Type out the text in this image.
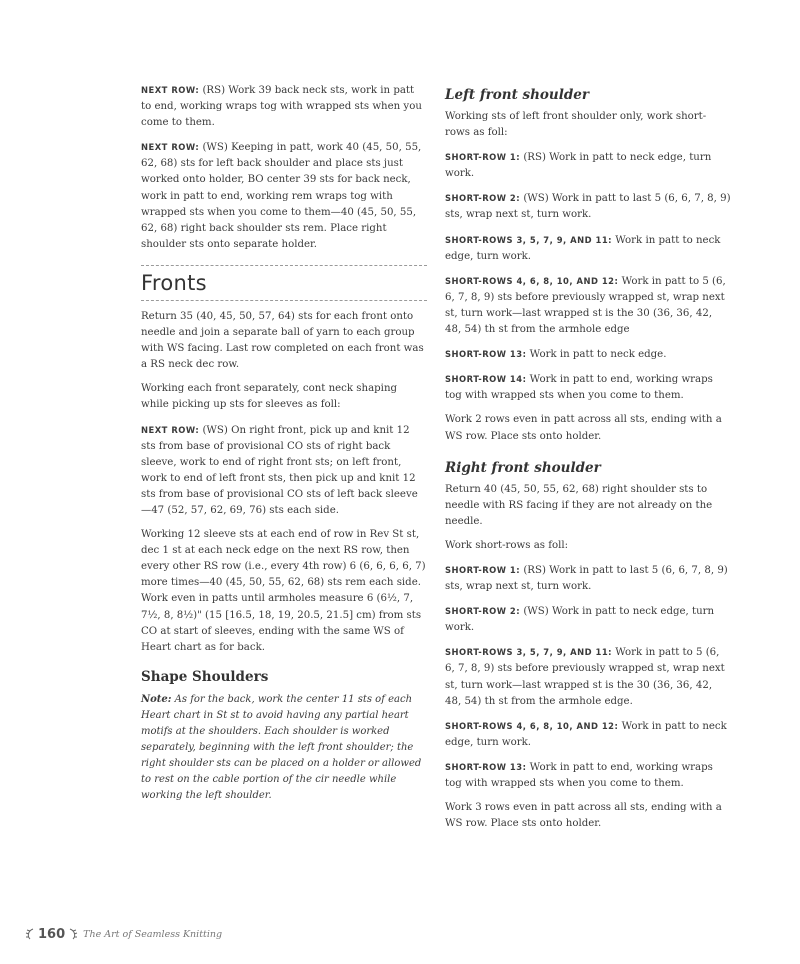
NEXT ROW: (RS) Work 39 back neck sts, work in patt to end, working wraps tog with wrapped sts when you come to them.

NEXT ROW: (WS) Keeping in patt, work 40 (45, 50, 55, 62, 68) sts for left back shoulder and place sts just worked onto holder, BO center 39 sts for back neck, work in patt to end, working rem wraps tog with wrapped sts when you come to them—40 (45, 50, 55, 62, 68) right back shoulder sts rem. Place right shoulder sts onto separate holder.

Fronts

Return 35 (40, 45, 50, 57, 64) sts for each front onto needle and join a separate ball of yarn to each group with WS facing. Last row completed on each front was a RS neck dec row.

Working each front separately, cont neck shaping while picking up sts for sleeves as foll:

NEXT ROW: (WS) On right front, pick up and knit 12 sts from base of provisional CO sts of right back sleeve, work to end of right front sts; on left front, work to end of left front sts, then pick up and knit 12 sts from base of provisional CO sts of left back sleeve—47 (52, 57, 62, 69, 76) sts each side.

Working 12 sleeve sts at each end of row in Rev St st, dec 1 st at each neck edge on the next RS row, then every other RS row (i.e., every 4th row) 6 (6, 6, 6, 6, 7) more times—40 (45, 50, 55, 62, 68) sts rem each side. Work even in patts until armholes measure 6 (6½, 7, 7½, 8, 8½)" (15 [16.5, 18, 19, 20.5, 21.5] cm) from sts CO at start of sleeves, ending with the same WS of Heart chart as for back.

Shape Shoulders

Note: As for the back, work the center 11 sts of each Heart chart in St st to avoid having any partial heart motifs at the shoulders. Each shoulder is worked separately, beginning with the left front shoulder; the right shoulder sts can be placed on a holder or allowed to rest on the cable portion of the cir needle while working the left shoulder.

Left front shoulder

Working sts of left front shoulder only, work short-rows as foll:

SHORT-ROW 1: (RS) Work in patt to neck edge, turn work.

SHORT-ROW 2: (WS) Work in patt to last 5 (6, 6, 7, 8, 9) sts, wrap next st, turn work.

SHORT-ROWS 3, 5, 7, 9, AND 11: Work in patt to neck edge, turn work.

SHORT-ROWS 4, 6, 8, 10, AND 12: Work in patt to 5 (6, 6, 7, 8, 9) sts before previously wrapped st, wrap next st, turn work—last wrapped st is the 30 (36, 36, 42, 48, 54) th st from the armhole edge

SHORT-ROW 13: Work in patt to neck edge.

SHORT-ROW 14: Work in patt to end, working wraps tog with wrapped sts when you come to them.

Work 2 rows even in patt across all sts, ending with a WS row. Place sts onto holder.

Right front shoulder

Return 40 (45, 50, 55, 62, 68) right shoulder sts to needle with RS facing if they are not already on the needle.

Work short-rows as foll:

SHORT-ROW 1: (RS) Work in patt to last 5 (6, 6, 7, 8, 9) sts, wrap next st, turn work.

SHORT-ROW 2: (WS) Work in patt to neck edge, turn work.

SHORT-ROWS 3, 5, 7, 9, AND 11: Work in patt to 5 (6, 6, 7, 8, 9) sts before previously wrapped st, wrap next st, turn work—last wrapped st is the 30 (36, 36, 42, 48, 54) th st from the armhole edge.

SHORT-ROWS 4, 6, 8, 10, AND 12: Work in patt to neck edge, turn work.

SHORT-ROW 13: Work in patt to end, working wraps tog with wrapped sts when you come to them.

Work 3 rows even in patt across all sts, ending with a WS row. Place sts onto holder.

160 The Art of Seamless Knitting
